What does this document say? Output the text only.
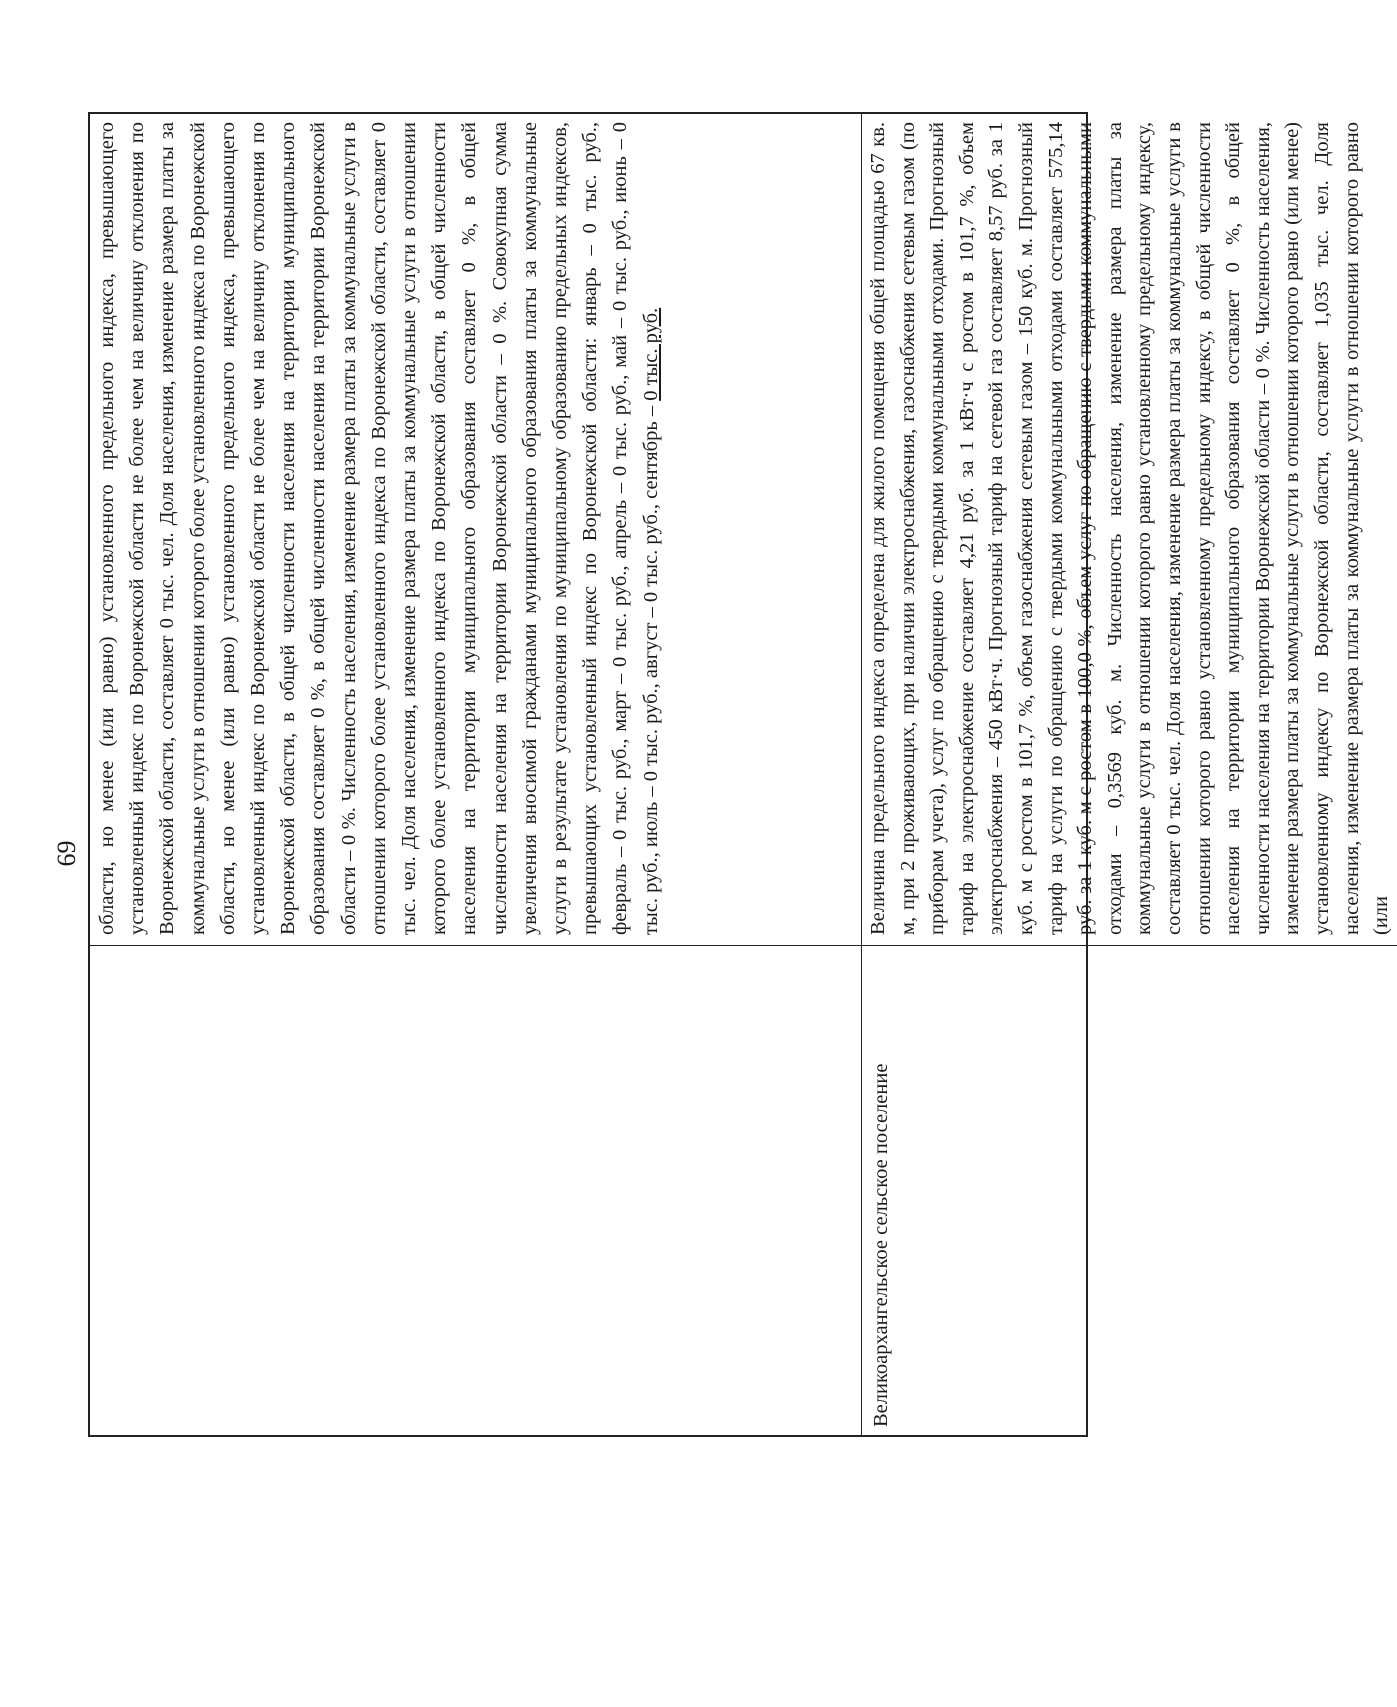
69 области, но менее (или равно) установленного предельного индекса, превышающего установленный индекс по Воронежской области не более чем на величину отклонения по Воронежской области, составляет 0 тыс. чел. Доля населения, изменение размера платы за коммунальные услуги в отношении которого более установленного индекса по Воронежской области, но менее (или равно) установленного предельного индекса, превышающего установленный индекс по Воронежской области не более чем на величину отклонения по Воронежской области, в общей численности населения на территории муниципального образования составляет 0 %, в общей численности населения на территории Воронежской области – 0 %. Численность населения, изменение размера платы за коммунальные услуги в отношении которого более установленного индекса по Воронежской области, составляет 0 тыс. чел. Доля населения, изменение размера платы за коммунальные услуги в отношении которого более установленного индекса по Воронежской области, в общей численности населения на территории муниципального образования составляет 0 %, в общей численности населения на территории Воронежской области – 0 %. Совокупная сумма увеличения вносимой гражданами муниципального образования платы за коммунальные услуги в результате установления по муниципальному образованию предельных индексов, превышающих установленный индекс по Воронежской области: январь – 0 тыс. руб., февраль – 0 тыс. руб., март – 0 тыс. руб., апрель – 0 тыс. руб., май – 0 тыс. руб., июнь – 0 тыс. руб., июль – 0 тыс. руб., август – 0 тыс. руб., сентябрь – 0 тыс. руб.
Великоархангельское сельское поселение
Величина предельного индекса определена для жилого помещения общей площадью 67 кв. м, при 2 проживающих, при наличии электроснабжения, газоснабжения сетевым газом (по приборам учета), услуг по обращению с твердыми коммунальными отходами. Прогнозный тариф на электроснабжение составляет 4,21 руб. за 1 кВт·ч с ростом в 101,7 %, объем электроснабжения – 450 кВт·ч. Прогнозный тариф на сетевой газ составляет 8,57 руб. за 1 куб. м с ростом в 101,7 %, объем газоснабжения сетевым газом – 150 куб. м. Прогнозный тариф на услуги по обращению с твердыми коммунальными отходами составляет 575,14 руб. за 1 куб. м с ростом в 100,0 %, объем услуг по обращению с твердыми коммунальными отходами – 0,3569 куб. м. Численность населения, изменение размера платы за коммунальные услуги в отношении которого равно установленному предельному индексу, составляет 0 тыс. чел. Доля населения, изменение размера платы за коммунальные услуги в отношении которого равно установленному предельному индексу, в общей численности населения на территории муниципального образования составляет 0 %, в общей численности населения на территории Воронежской области – 0 %. Численность населения, изменение размера платы за коммунальные услуги в отношении которого равно (или менее) установленному индексу по Воронежской области, составляет 1,035 тыс. чел. Доля населения, изменение размера платы за коммунальные услуги в отношении которого равно (или
